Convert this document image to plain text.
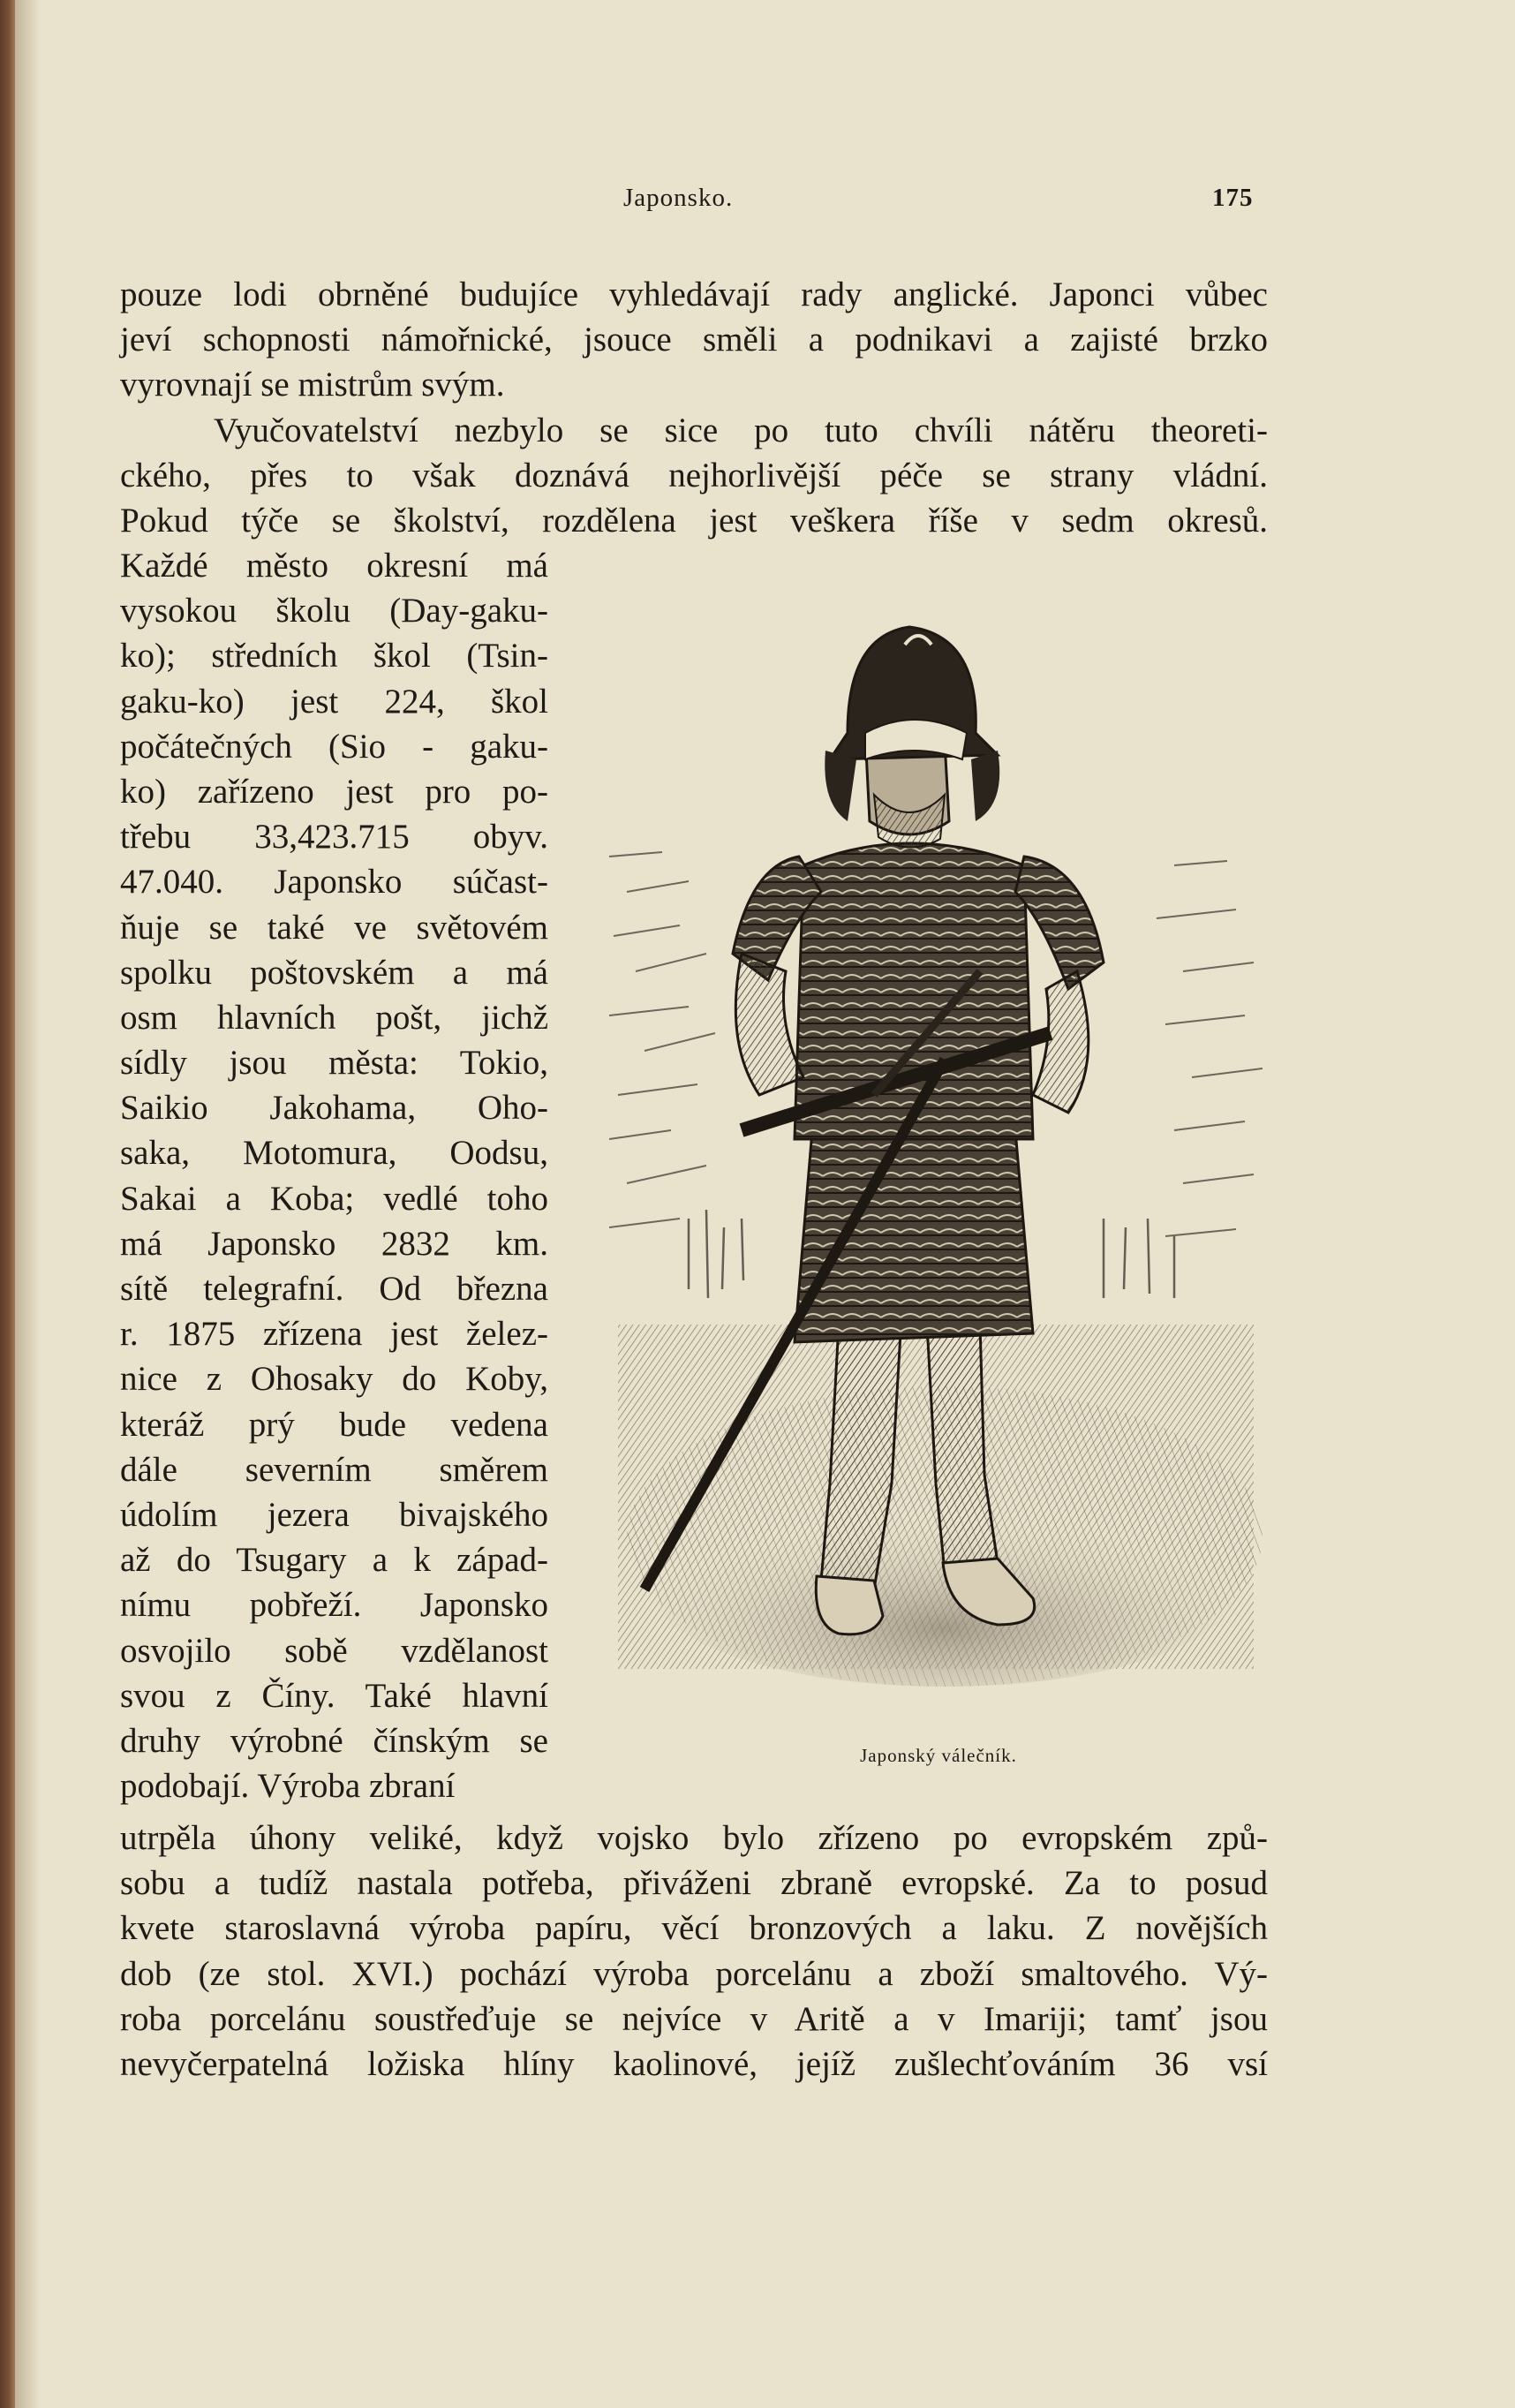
Japonsko.	175
pouze lodi obrněné budujíce vyhledávají rady anglické. Japonci vůbec
jeví schopnosti námořnické, jsouce směli a podnikavi a zajisté brzko
vyrovnají se mistrům svým.
Vyučovatelství nezbylo se sice po tuto chvíli nátěru theoreti-
ckého, přes to však doznává nejhorlivější péče se strany vládní.
Pokud týče se školství, rozdělena jest veškera říše v sedm okresů.
Každé město okresní má
vysokou školu (Day-gaku-
ko); středních škol (Tsin-
gaku-ko) jest 224, škol
počátečných (Sio - gaku-
ko) zařízeno jest pro po-
třebu 33,423.715 obyv.
47.040. Japonsko súčast-
ňuje se také ve světovém
spolku poštovském a má
osm hlavních pošt, jichž
sídly jsou města: Tokio,
Saikio Jakohama, Oho-
saka, Motomura, Oodsu,
Sakai a Koba; vedlé toho
má Japonsko 2832 km.
sítě telegrafní. Od března
r. 1875 zřízena jest želez-
nice z Ohosaky do Koby,
kteráž prý bude vedena
dále severním směrem
údolím jezera bivajského
až do Tsugary a k západ-
nímu pobřeží. Japonsko
osvojilo sobě vzdělanost
svou z Číny. Také hlavní
druhy výrobné čínským se
podobají. Výroba zbraní
Japonský válečník.
utrpěla úhony veliké, když vojsko bylo zřízeno po evropském způ-
sobu a tudíž nastala potřeba, přiváženi zbraně evropské. Za to posud
kvete staroslavná výroba papíru, věcí bronzových a laku. Z novějších
dob (ze stol. XVI.) pochází výroba porcelánu a zboží smaltového. Vý-
roba porcelánu soustřeďuje se nejvíce v Aritě a v Imariji; tamť jsou
nevyčerpatelná ložiska hlíny kaolinové, jejíž zušlechťováním 36 vsí
